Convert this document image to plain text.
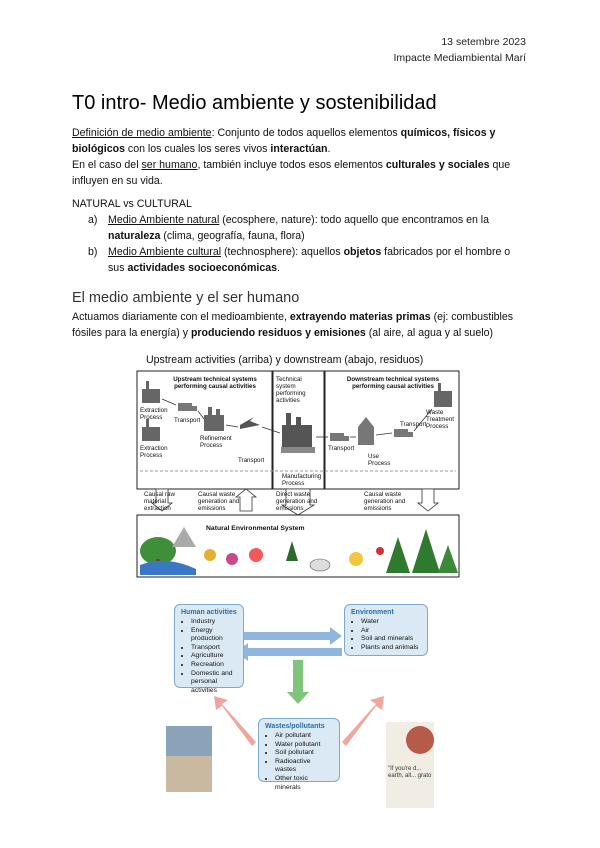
13 setembre 2023
Impacte Mediambiental Marí
T0 intro- Medio ambiente y sostenibilidad
Definición de medio ambiente: Conjunto de todos aquellos elementos químicos, físicos y biológicos con los cuales los seres vivos interactúan.
En el caso del ser humano, también incluye todos esos elementos culturales y sociales que influyen en su vida.
NATURAL vs CULTURAL
a) Medio Ambiente natural (ecosphere, nature): todo aquello que encontramos en la naturaleza (clima, geografía, fauna, flora)
b) Medio Ambiente cultural (technosphere): aquellos objetos fabricados por el hombre o sus actividades socioeconómicas.
El medio ambiente y el ser humano
Actuamos diariamente con el medioambiente, extrayendo materias primas (ej: combustibles fósiles para la energía) y produciendo residuos y emisiones (al aire, al agua y al suelo)
Upstream activities (arriba) y downstream (abajo, residuos)
Upstream technical systems performing causal activities
Technical system performing activities
Downstream technical systems performing causal activities
Extraction Process	Transport
Refinement Process
Extraction Process
Transport
Manufacturing Process
Transport
Use Process
Transport
Waste Treatment Process
Causal raw material extraction
Causal waste generation and emissions
Direct waste generation and emissions
Causal waste generation and emissions
Natural Environmental System
Human activities
• Industry
• Energy production
• Transport
• Agriculture
• Recreation
• Domestic and personal activities
Environment
• Water
• Air
• Soil and minerals
• Plants and animals
Wastes/pollutants
• Air pollutant
• Water pollutant
• Soil pollutant
• Radioactive wastes
• Other toxic minerals
"If you're d... earth, all... grato
